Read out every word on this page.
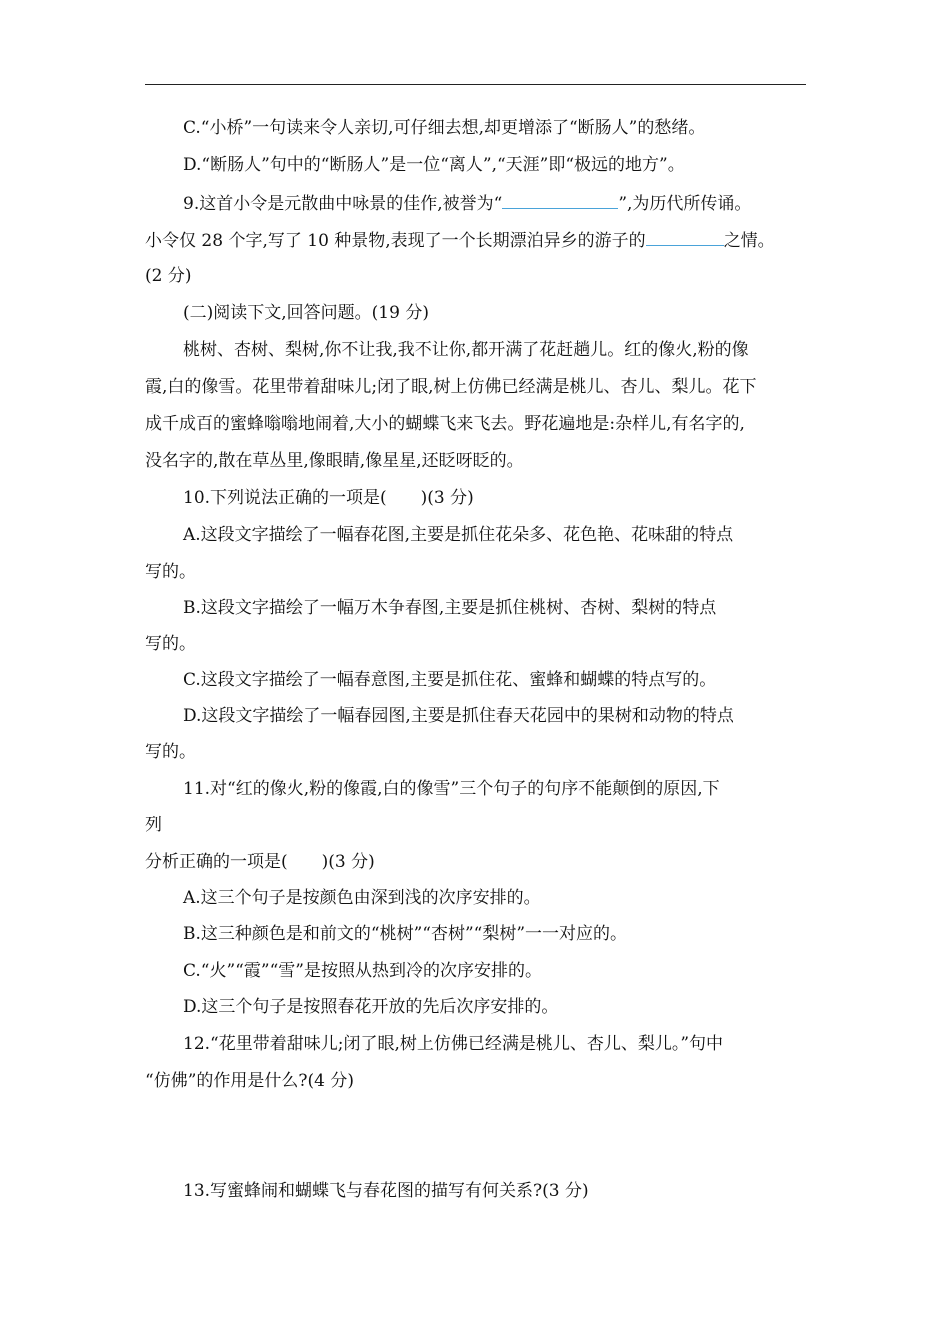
C.“小桥”一句读来令人亲切,可仔细去想,却更增添了“断肠人”的愁绪。
D.“断肠人”句中的“断肠人”是一位“离人”,“天涯”即“极远的地方”。
9.这首小令是元散曲中咏景的佳作,被誉为“	”,为历代所传诵。
小令仅 28 个字,写了 10 种景物,表现了一个长期漂泊异乡的游子的	之情。
(2 分)
(二)阅读下文,回答问题。(19 分)
桃树、杏树、梨树,你不让我,我不让你,都开满了花赶趟儿。红的像火,粉的像
霞,白的像雪。花里带着甜味儿;闭了眼,树上仿佛已经满是桃儿、杏儿、梨儿。花下
成千成百的蜜蜂嗡嗡地闹着,大小的蝴蝶飞来飞去。野花遍地是:杂样儿,有名字的,
没名字的,散在草丛里,像眼睛,像星星,还眨呀眨的。
10.下列说法正确的一项是(　　)(3 分)
A.这段文字描绘了一幅春花图,主要是抓住花朵多、花色艳、花味甜的特点
写的。
B.这段文字描绘了一幅万木争春图,主要是抓住桃树、杏树、梨树的特点
写的。
C.这段文字描绘了一幅春意图,主要是抓住花、蜜蜂和蝴蝶的特点写的。
D.这段文字描绘了一幅春园图,主要是抓住春天花园中的果树和动物的特点
写的。
11.对“红的像火,粉的像霞,白的像雪”三个句子的句序不能颠倒的原因,下
列
分析正确的一项是(　　)(3 分)
A.这三个句子是按颜色由深到浅的次序安排的。
B.这三种颜色是和前文的“桃树”“杏树”“梨树”一一对应的。
C.“火”“霞”“雪”是按照从热到冷的次序安排的。
D.这三个句子是按照春花开放的先后次序安排的。
12.“花里带着甜味儿;闭了眼,树上仿佛已经满是桃儿、杏儿、梨儿。”句中
“仿佛”的作用是什么?(4 分)
13.写蜜蜂闹和蝴蝶飞与春花图的描写有何关系?(3 分)
